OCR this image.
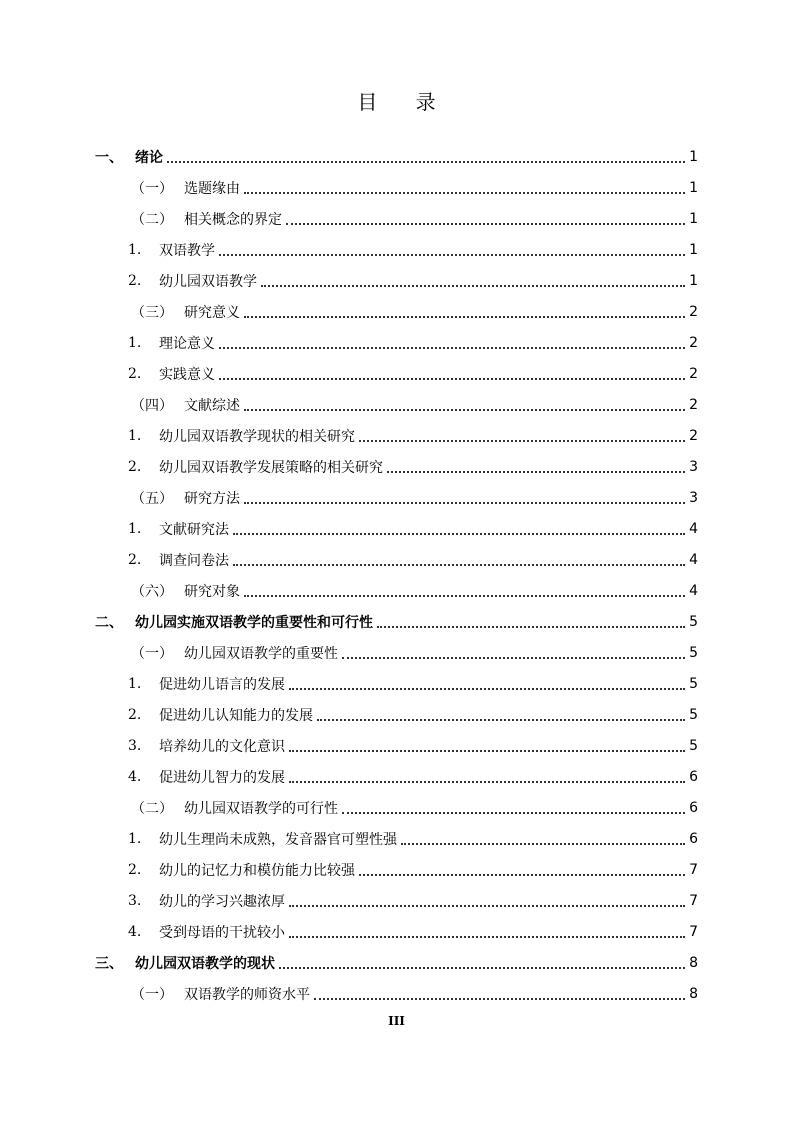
目 录
一、 绪论	1
（一） 选题缘由	1
（二） 相关概念的界定	1
1.	双语教学	1
2.	幼儿园双语教学	1
（三） 研究意义	2
1.	理论意义	2
2.	实践意义	2
（四） 文献综述	2
1.	幼儿园双语教学现状的相关研究	2
2.	幼儿园双语教学发展策略的相关研究	3
（五） 研究方法	3
1.	文献研究法	4
2.	调查问卷法	4
（六） 研究对象	4
二、 幼儿园实施双语教学的重要性和可行性	5
（一） 幼儿园双语教学的重要性	5
1.	促进幼儿语言的发展	5
2.	促进幼儿认知能力的发展	5
3.	培养幼儿的文化意识	5
4.	促进幼儿智力的发展	6
（二） 幼儿园双语教学的可行性	6
1.	幼儿生理尚未成熟，发音器官可塑性强	6
2.	幼儿的记忆力和模仿能力比较强	7
3.	幼儿的学习兴趣浓厚	7
4.	受到母语的干扰较小	7
三、 幼儿园双语教学的现状	8
（一） 双语教学的师资水平	8
III
